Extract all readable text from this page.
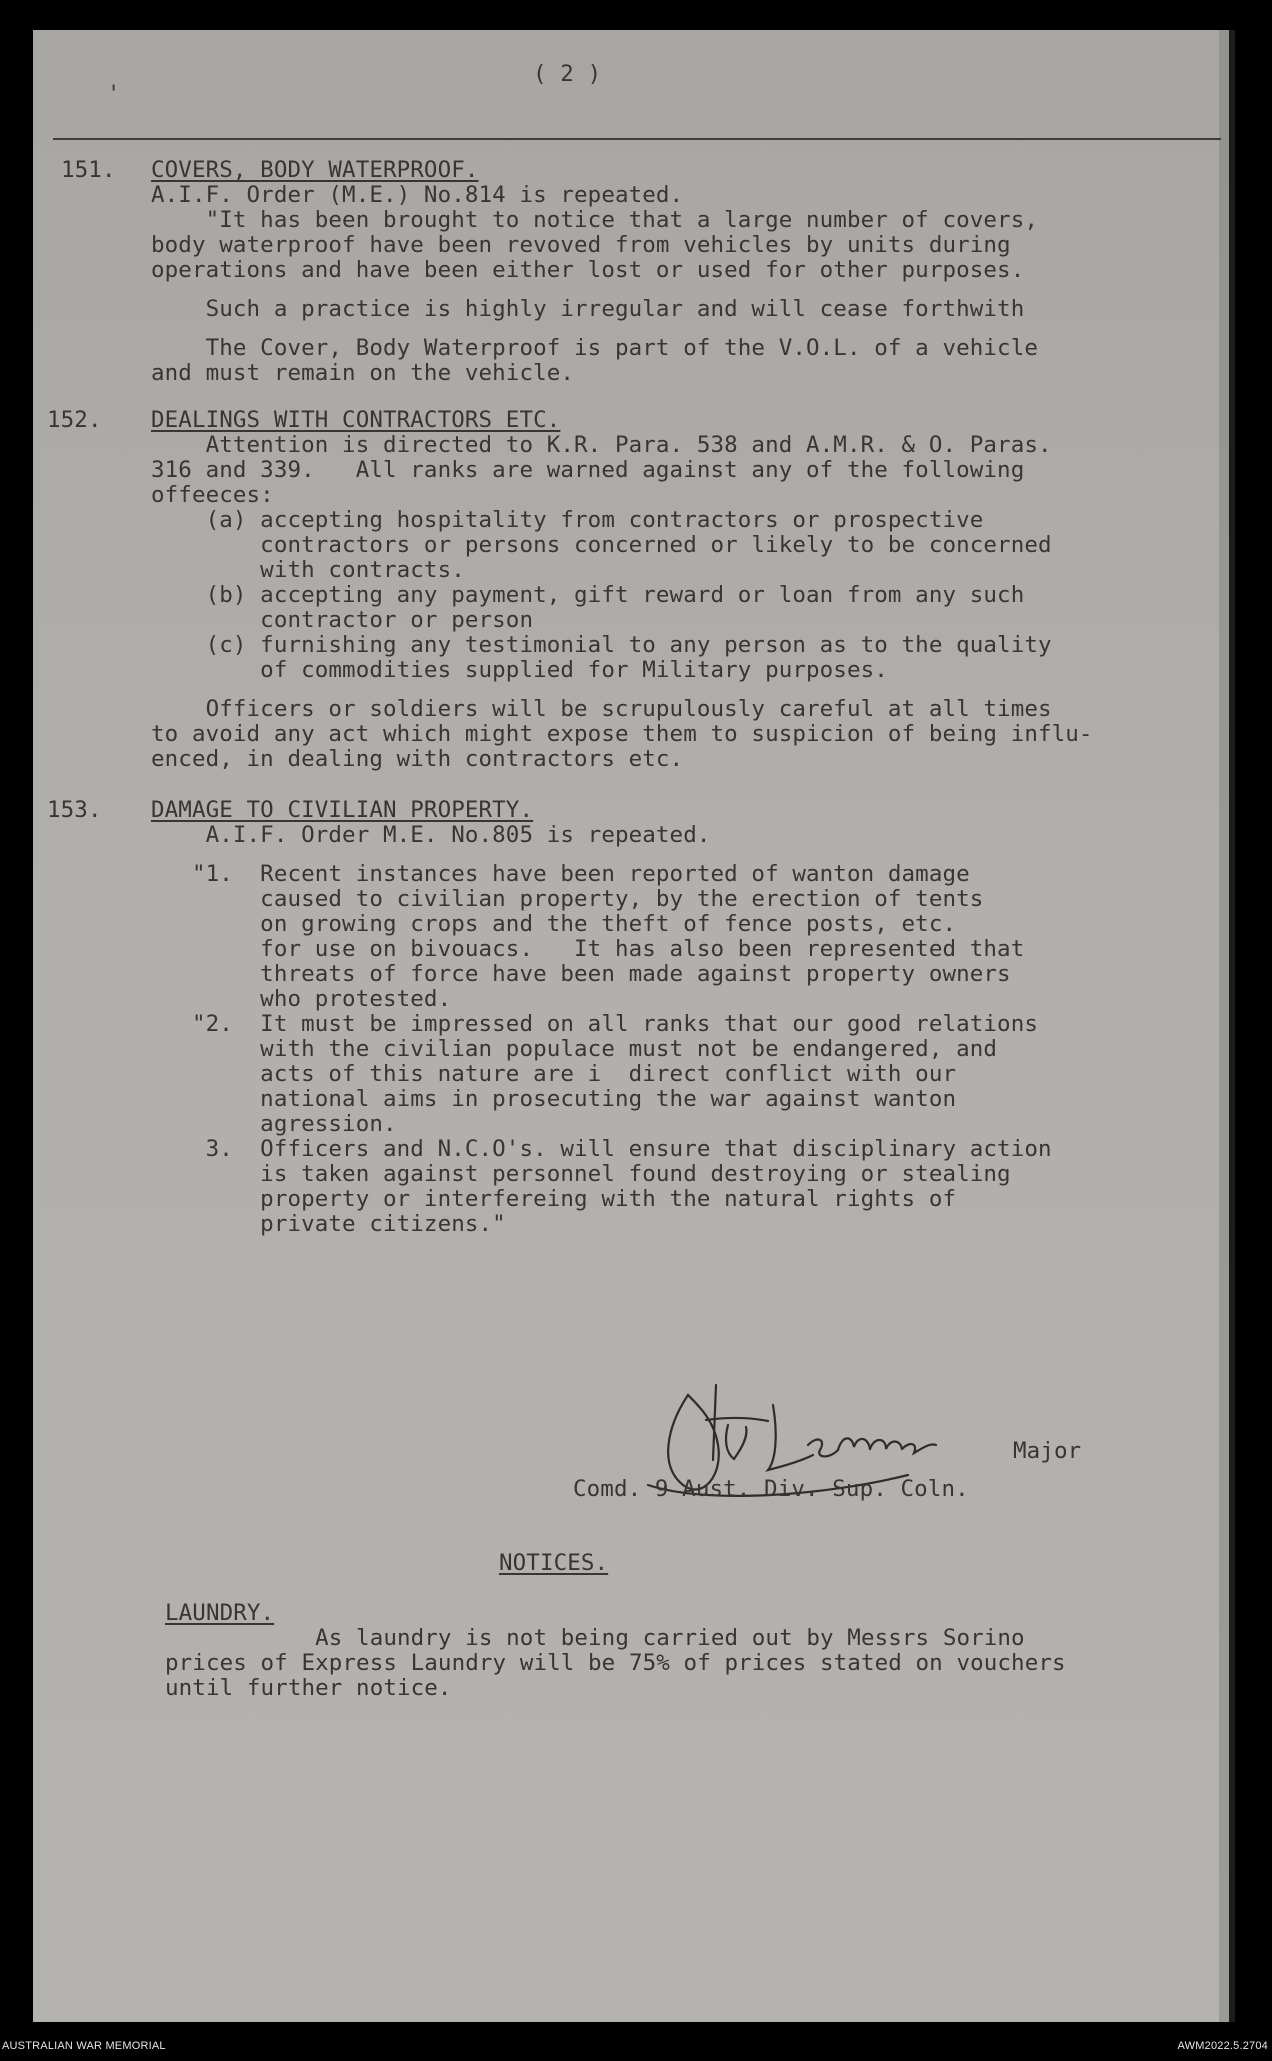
ꞌ
( 2 )
151. COVERS, BODY WATERPROOF.
A.I.F. Order (M.E.) No.814 is repeated.
"It has been brought to notice that a large number of covers,
body waterproof have been revoved from vehicles by units during
operations and have been either lost or used for other purposes.
Such a practice is highly irregular and will cease forthwith
The Cover, Body Waterproof is part of the V.O.L. of a vehicle
and must remain on the vehicle.
152. DEALINGS WITH CONTRACTORS ETC.
Attention is directed to K.R. Para. 538 and A.M.R. & O. Paras.
316 and 339.   All ranks are warned against any of the following
offeeces:
(a) accepting hospitality from contractors or prospective
contractors or persons concerned or likely to be concerned
with contracts.
(b) accepting any payment, gift reward or loan from any such
contractor or person
(c) furnishing any testimonial to any person as to the quality
of commodities supplied for Military purposes.
Officers or soldiers will be scrupulously careful at all times
to avoid any act which might expose them to suspicion of being influ-
enced, in dealing with contractors etc.
153. DAMAGE TO CIVILIAN PROPERTY.
A.I.F. Order M.E. No.805 is repeated.
"1.  Recent instances have been reported of wanton damage
caused to civilian property, by the erection of tents
on growing crops and the theft of fence posts, etc.
for use on bivouacs.   It has also been represented that
threats of force have been made against property owners
who protested.
"2.  It must be impressed on all ranks that our good relations
with the civilian populace must not be endangered, and
acts of this nature are i  direct conflict with our
national aims in prosecuting the war against wanton
agression.
3.  Officers and N.C.O's. will ensure that disciplinary action
is taken against personnel found destroying or stealing
property or interfereing with the natural rights of
private citizens."
Major
Comd. 9 Aust. Div. Sup. Coln.
NOTICES.
LAUNDRY.
As laundry is not being carried out by Messrs Sorino
prices of Express Laundry will be 75% of prices stated on vouchers
until further notice.
AUSTRALIAN WAR MEMORIAL	AWM2022.5.2704
